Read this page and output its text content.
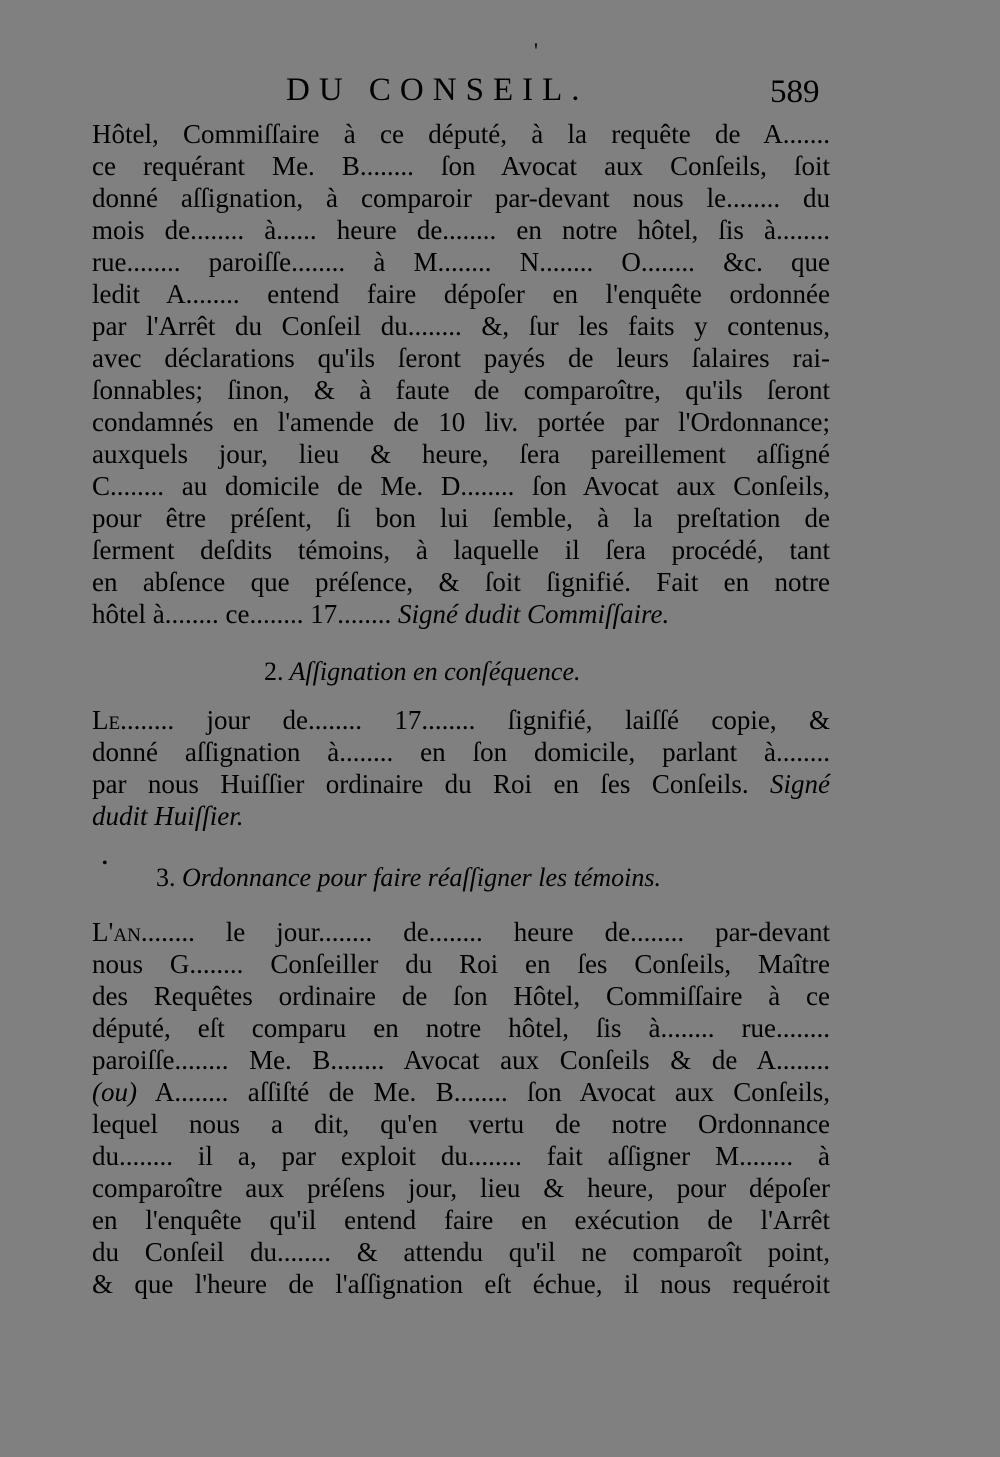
'
DU CONSEIL.	589
Hôtel, Commiſſaire à ce député, à la requête de A.......
ce requérant Me. B........ ſon Avocat aux Conſeils, ſoit
donné aſſignation, à comparoir par-devant nous le........ du
mois de........ à...... heure de........ en notre hôtel, ſis à........
rue........ paroiſſe........ à M........ N........ O........ &c. que
ledit A........ entend faire dépoſer en l'enquête ordonnée
par l'Arrêt du Conſeil du........ &, ſur les faits y contenus,
avec déclarations qu'ils ſeront payés de leurs ſalaires rai-
ſonnables; ſinon, & à faute de comparoître, qu'ils ſeront
condamnés en l'amende de 10 liv. portée par l'Ordonnance;
auxquels jour, lieu & heure, ſera pareillement aſſigné
C........ au domicile de Me. D........ ſon Avocat aux Conſeils,
pour être préſent, ſi bon lui ſemble, à la preſtation de
ſerment deſdits témoins, à laquelle il ſera procédé, tant
en abſence que préſence, & ſoit ſignifié. Fait en notre
hôtel à........ ce........ 17........ Signé dudit Commiſſaire.
2. Aſſignation en conſéquence.
Le........ jour de........ 17........ ſignifié, laiſſé copie, &
donné aſſignation à........ en ſon domicile, parlant à........
par nous Huiſſier ordinaire du Roi en ſes Conſeils. Signé
dudit Huiſſier.
• 3. Ordonnance pour faire réaſſigner les témoins.
L'an........ le jour........ de........ heure de........ par-devant
nous G........ Conſeiller du Roi en ſes Conſeils, Maître
des Requêtes ordinaire de ſon Hôtel, Commiſſaire à ce
député, eſt comparu en notre hôtel, ſis à........ rue........
paroiſſe........ Me. B........ Avocat aux Conſeils & de A........
(ou) A........ aſſiſté de Me. B........ ſon Avocat aux Conſeils,
lequel nous a dit, qu'en vertu de notre Ordonnance
du........ il a, par exploit du........ fait aſſigner M........ à
comparoître aux préſens jour, lieu & heure, pour dépoſer
en l'enquête qu'il entend faire en exécution de l'Arrêt
du Conſeil du........ & attendu qu'il ne comparoît point,
& que l'heure de l'aſſignation eſt échue, il nous requéroit
